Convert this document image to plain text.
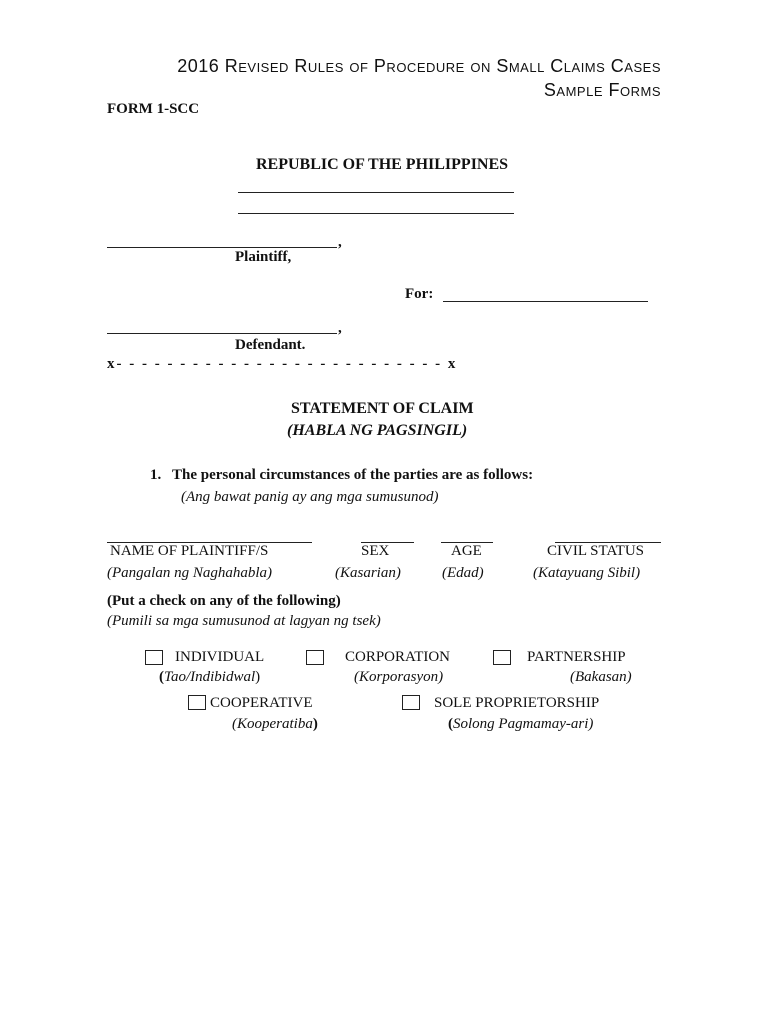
2016 Revised Rules of Procedure on Small Claims Cases
Sample Forms
FORM 1-SCC
REPUBLIC OF THE PHILIPPINES
,
Plaintiff,
For:
,
Defendant.
x- - - - - - - - - - - - - - - - - - - - - - - - - - x
STATEMENT OF CLAIM
(HABLA NG PAGSINGIL)
1. The personal circumstances of the parties are as follows:
(Ang bawat panig ay ang mga sumusunod)
NAME OF PLAINTIFF/S	SEX	AGE	CIVIL STATUS
(Pangalan ng Naghahabla)	(Kasarian)	(Edad)	(Katayuang Sibil)
(Put a check on any of the following)
(Pumili sa mga sumusunod at lagyan ng tsek)
INDIVIDUAL
(Tao/Indibidwal)
CORPORATION
(Korporasyon)
PARTNERSHIP
(Bakasan)
COOPERATIVE
(Kooperatiba)
SOLE PROPRIETORSHIP
(Solong Pagmamay-ari)
